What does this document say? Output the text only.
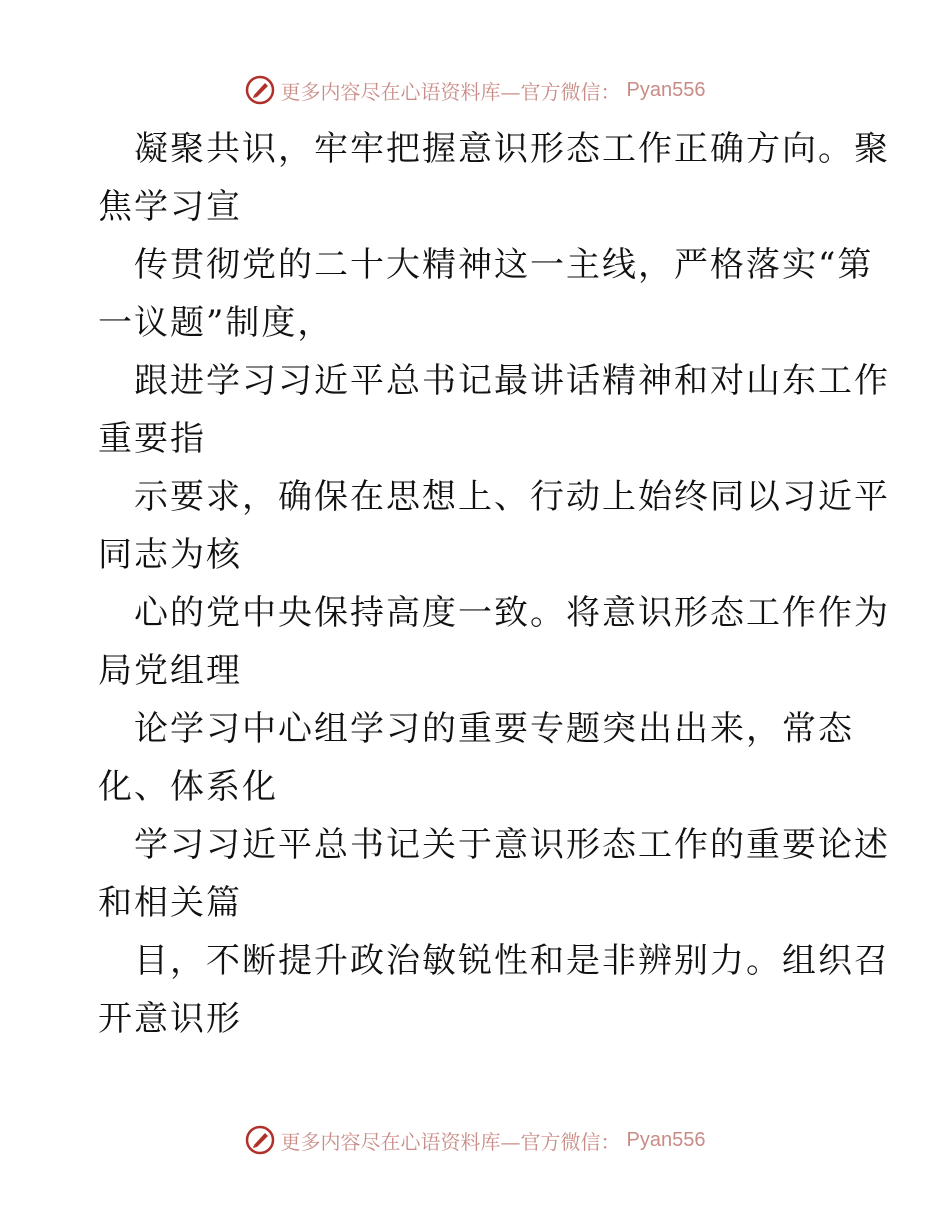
更多内容尽在心语资料库—官方微信： Pyan556

凝聚共识，牢牢把握意识形态工作正确方向。聚

焦学习宣

传贯彻党的二十大精神这一主线，严格落实“第

一议题”制度，

跟进学习习近平总书记最讲话精神和对山东工作

重要指

示要求，确保在思想上、行动上始终同以习近平

同志为核

心的党中央保持高度一致。将意识形态工作作为

局党组理

论学习中心组学习的重要专题突出出来，常态

化、体系化

学习习近平总书记关于意识形态工作的重要论述

和相关篇

目，不断提升政治敏锐性和是非辨别力。组织召

开意识形

更多内容尽在心语资料库—官方微信： Pyan556
